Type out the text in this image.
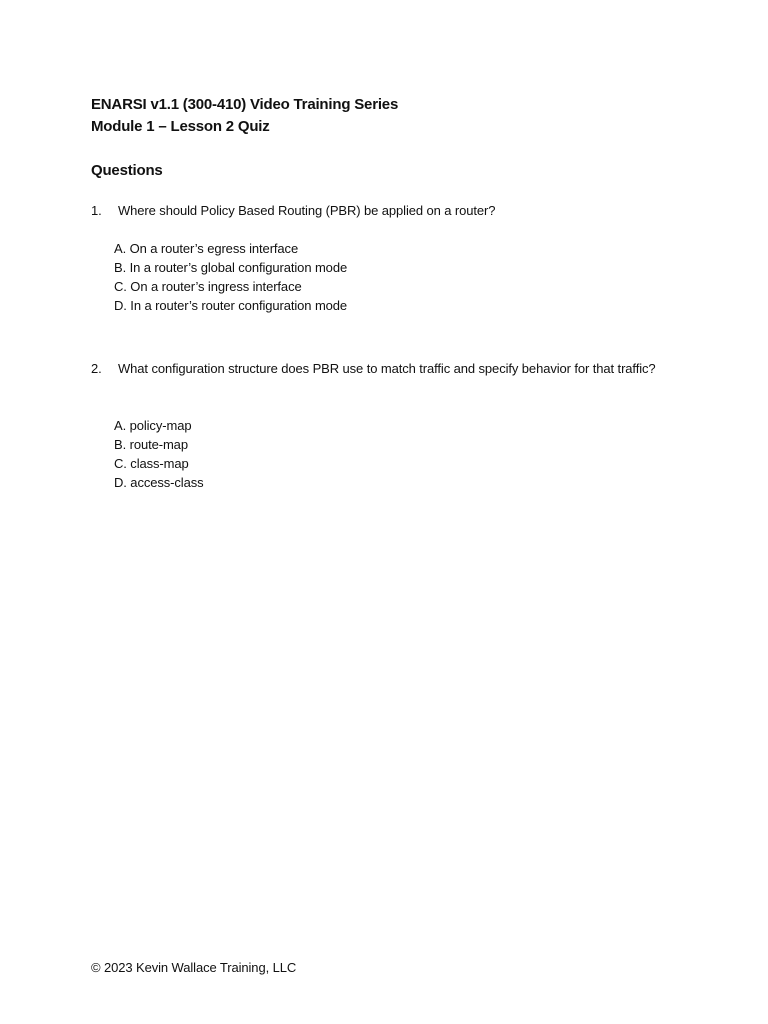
ENARSI v1.1 (300-410) Video Training Series
Module 1 – Lesson 2 Quiz
Questions
1. Where should Policy Based Routing (PBR) be applied on a router?
A. On a router’s egress interface
B. In a router’s global configuration mode
C. On a router’s ingress interface
D. In a router’s router configuration mode
2. What configuration structure does PBR use to match traffic and specify behavior for that traffic?
A. policy-map
B. route-map
C. class-map
D. access-class
© 2023 Kevin Wallace Training, LLC
